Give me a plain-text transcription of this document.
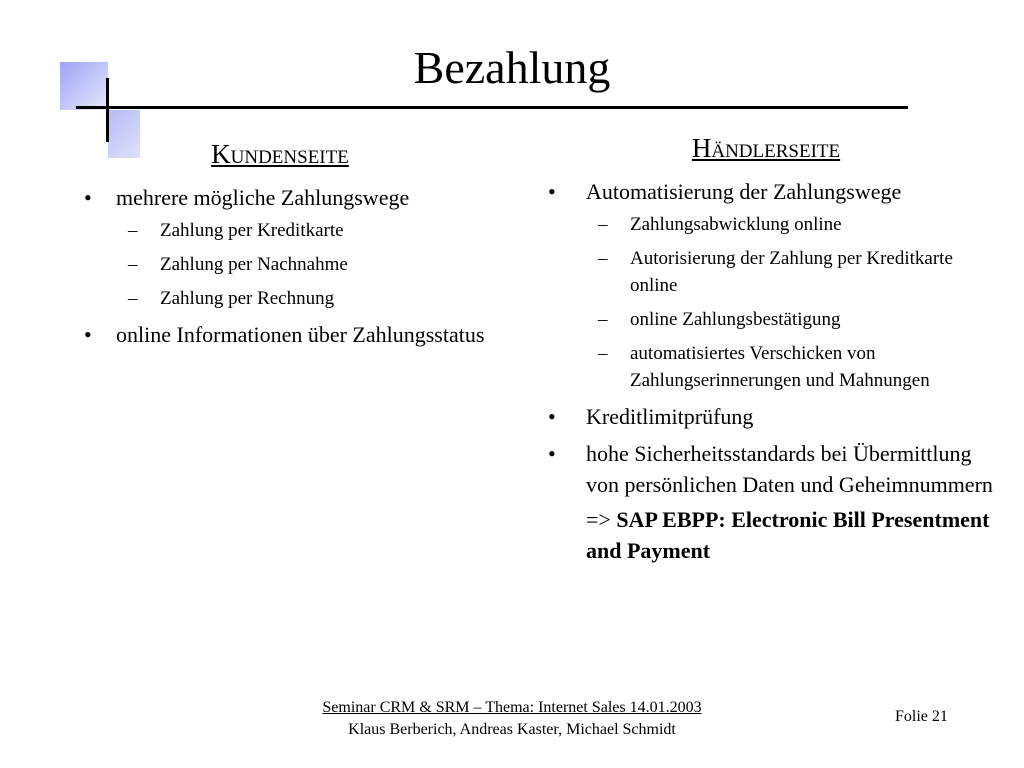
Bezahlung
Kundenseite
• mehrere mögliche Zahlungswege
– Zahlung per Kreditkarte
– Zahlung per Nachnahme
– Zahlung per Rechnung
• online Informationen über Zahlungsstatus
Händlerseite
• Automatisierung der Zahlungswege
– Zahlungsabwicklung online
– Autorisierung der Zahlung per Kreditkarte online
– online Zahlungsbestätigung
– automatisiertes Verschicken von Zahlungserinnerungen und Mahnungen
• Kreditlimitprüfung
• hohe Sicherheitsstandards bei Übermittlung von persönlichen Daten und Geheimnummern
=> SAP EBPP: Electronic Bill Presentment and Payment
Seminar CRM & SRM – Thema: Internet Sales 14.01.2003
Klaus Berberich, Andreas Kaster, Michael Schmidt
Folie 21
